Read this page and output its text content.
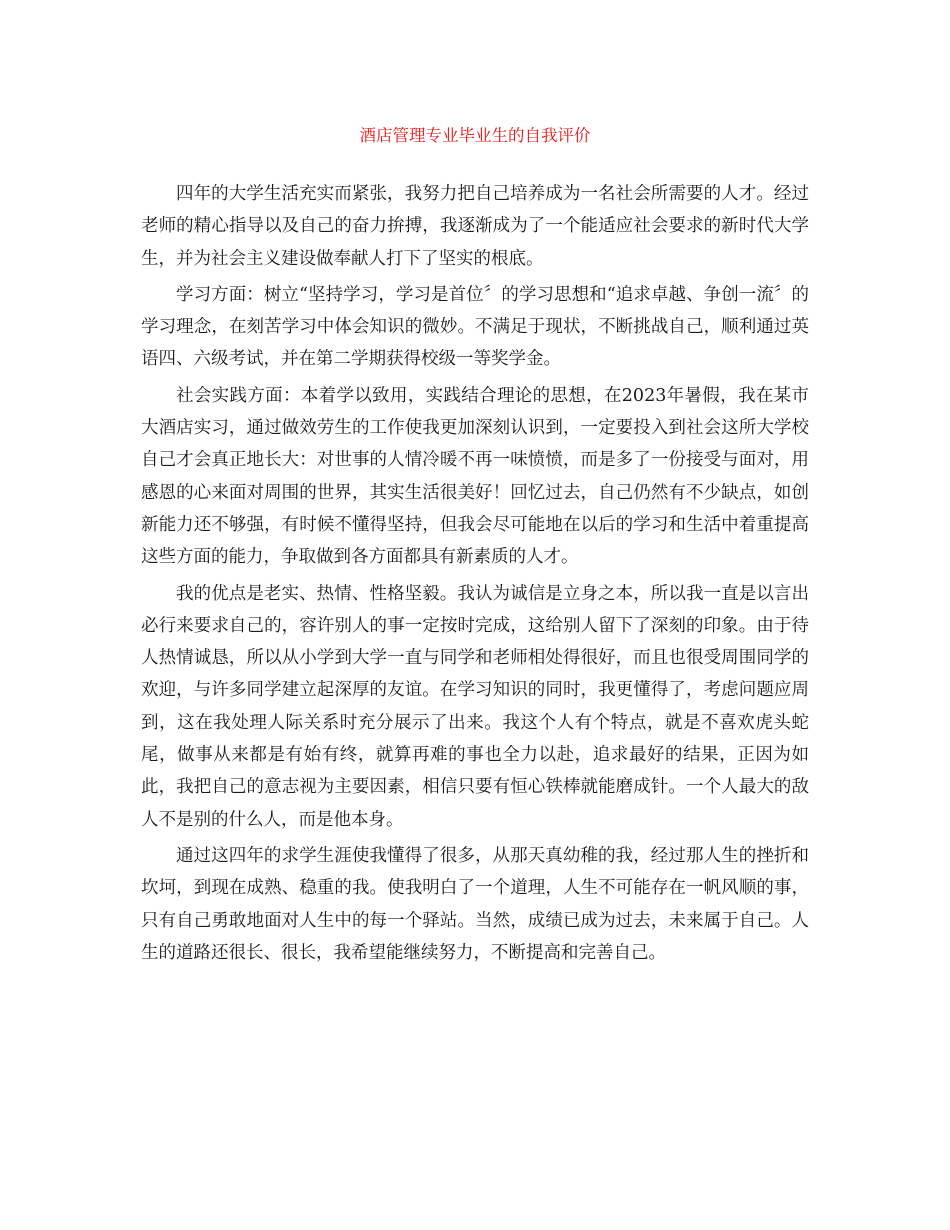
酒店管理专业毕业生的自我评价

四年的大学生活充实而紧张，我努力把自己培养成为一名社会所需要的人才。经过老师的精心指导以及自己的奋力拚搏，我逐渐成为了一个能适应社会要求的新时代大学生，并为社会主义建设做奉献人打下了坚实的根底。

学习方面：树立“坚持学习，学习是首位〞的学习思想和“追求卓越、争创一流〞的学习理念，在刻苦学习中体会知识的微妙。不满足于现状，不断挑战自己，顺利通过英语四、六级考试，并在第二学期获得校级一等奖学金。

社会实践方面：本着学以致用，实践结合理论的思想，在2023年暑假，我在某市大酒店实习，通过做效劳生的工作使我更加深刻认识到，一定要投入到社会这所大学校自己才会真正地长大：对世事的人情冷暖不再一味愤愤，而是多了一份接受与面对，用感恩的心来面对周围的世界，其实生活很美好！回忆过去，自己仍然有不少缺点，如创新能力还不够强，有时候不懂得坚持，但我会尽可能地在以后的学习和生活中着重提高这些方面的能力，争取做到各方面都具有新素质的人才。

我的优点是老实、热情、性格坚毅。我认为诚信是立身之本，所以我一直是以言出必行来要求自己的，容许别人的事一定按时完成，这给别人留下了深刻的印象。由于待人热情诚恳，所以从小学到大学一直与同学和老师相处得很好，而且也很受周围同学的欢迎，与许多同学建立起深厚的友谊。在学习知识的同时，我更懂得了，考虑问题应周到，这在我处理人际关系时充分展示了出来。我这个人有个特点，就是不喜欢虎头蛇尾，做事从来都是有始有终，就算再难的事也全力以赴，追求最好的结果，正因为如此，我把自己的意志视为主要因素，相信只要有恒心铁棒就能磨成针。一个人最大的敌人不是别的什么人，而是他本身。

通过这四年的求学生涯使我懂得了很多，从那天真幼稚的我，经过那人生的挫折和坎坷，到现在成熟、稳重的我。使我明白了一个道理，人生不可能存在一帆风顺的事，只有自己勇敢地面对人生中的每一个驿站。当然，成绩已成为过去，未来属于自己。人生的道路还很长、很长，我希望能继续努力，不断提高和完善自己。
